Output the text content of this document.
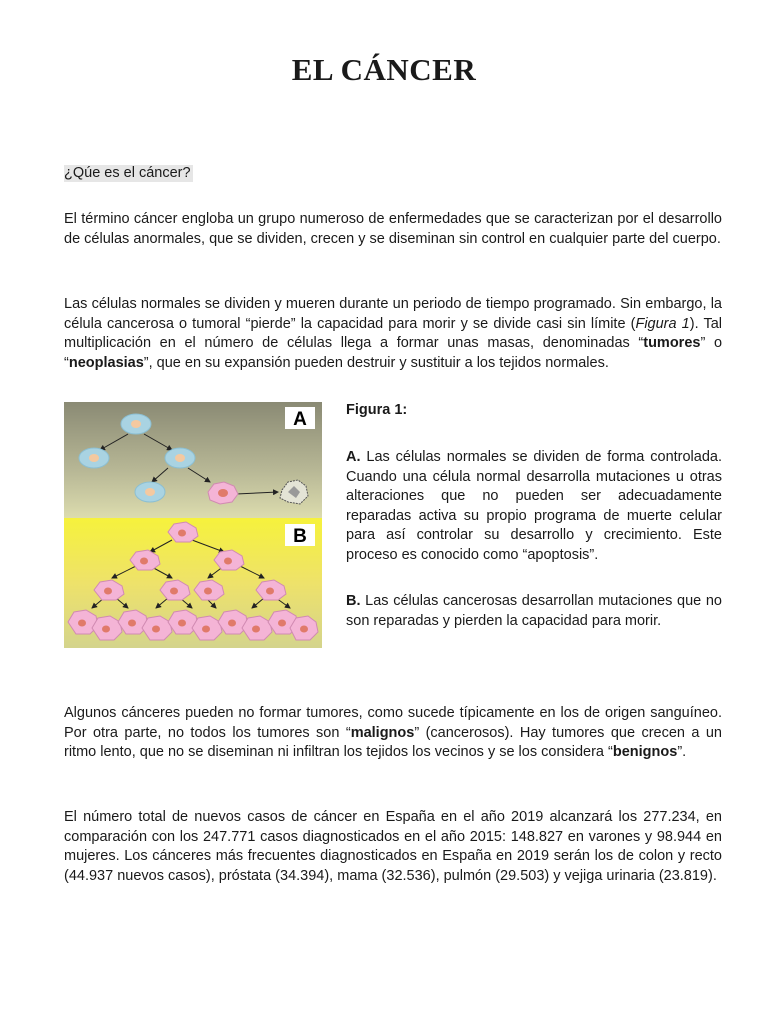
EL CÁNCER
¿Qúe es el cáncer?

El término cáncer engloba un grupo numeroso de enfermedades que se caracterizan por el desarrollo de células anormales, que se dividen, crecen y se diseminan sin control en cualquier parte del cuerpo.

Las células normales se dividen y mueren durante un periodo de tiempo programado. Sin embargo, la célula cancerosa o tumoral “pierde” la capacidad para morir y se divide casi sin límite (Figura 1). Tal multiplicación en el número de células llega a formar unas masas, denominadas “tumores” o “neoplasias”, que en su expansión pueden destruir y sustituir a los tejidos normales.

A
B

Figura 1:

A. Las células normales se dividen de forma controlada. Cuando una célula normal desarrolla mutaciones u otras alteraciones que no pueden ser adecuadamente reparadas activa su propio programa de muerte celular para así controlar su desarrollo y crecimiento. Este proceso es conocido como “apoptosis”.

B. Las células cancerosas desarrollan mutaciones que no son reparadas y pierden la capacidad para morir.

Algunos cánceres pueden no formar tumores, como sucede típicamente en los de origen sanguíneo. Por otra parte, no todos los tumores son “malignos” (cancerosos). Hay tumores que crecen a un ritmo lento, que no se diseminan ni infiltran los tejidos los vecinos y se los considera “benignos”.

El número total de nuevos casos de cáncer en España en el año 2019 alcanzará los 277.234, en comparación con los 247.771 casos diagnosticados en el año 2015: 148.827 en varones y 98.944 en mujeres. Los cánceres más frecuentes diagnosticados en España en 2019 serán los de colon y recto (44.937 nuevos casos), próstata (34.394), mama (32.536), pulmón (29.503) y vejiga urinaria (23.819).
